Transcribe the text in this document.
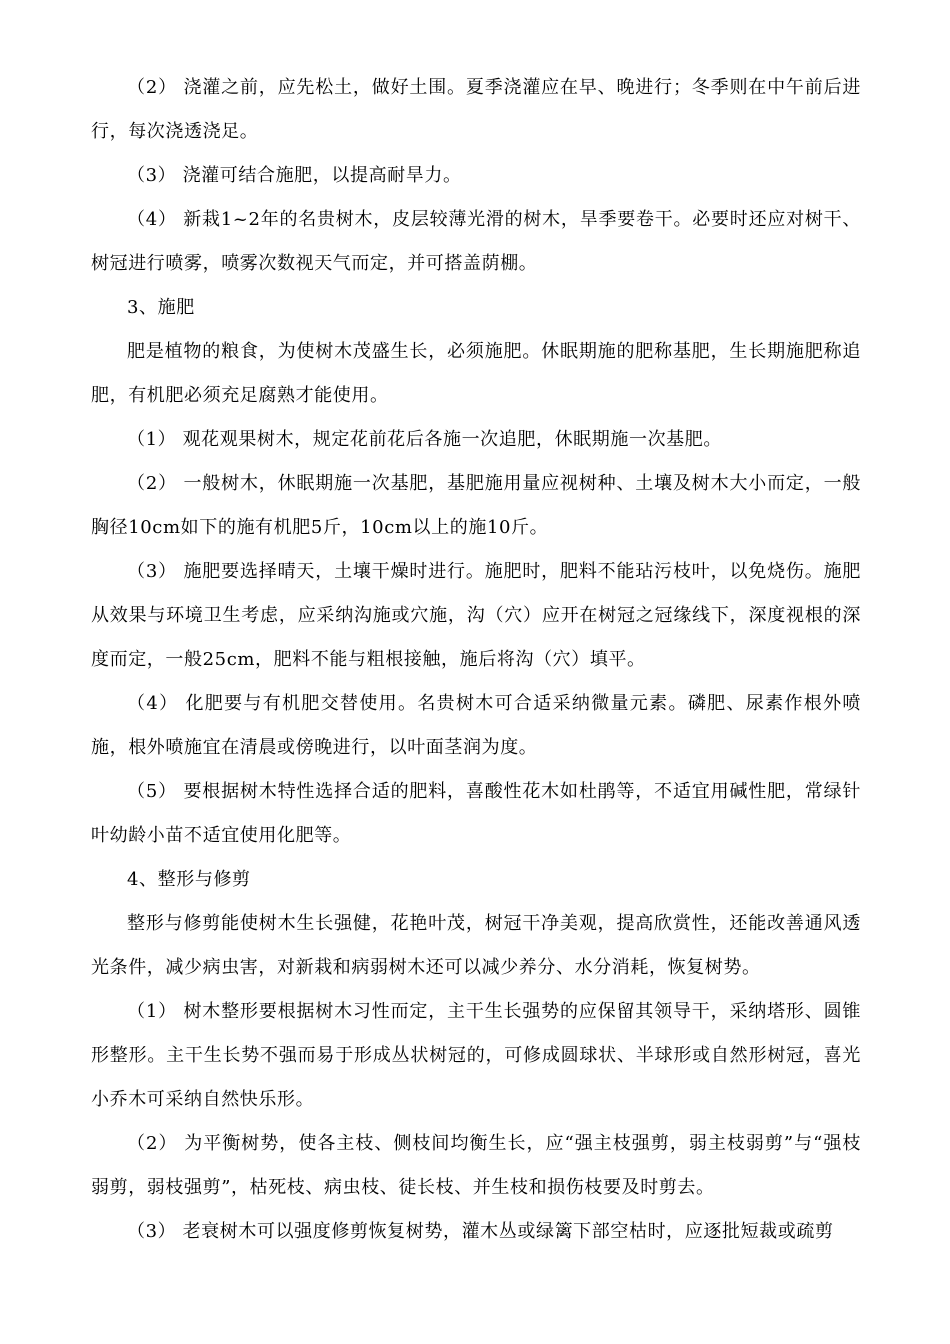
（2） 浇灌之前，应先松土，做好土围。夏季浇灌应在早、晚进行；冬季则在中午前后进行，每次浇透浇足。
（3） 浇灌可结合施肥，以提高耐旱力。
（4） 新栽1~2年的名贵树木，皮层较薄光滑的树木，旱季要卷干。必要时还应对树干、树冠进行喷雾，喷雾次数视天气而定，并可搭盖荫棚。
3、施肥
肥是植物的粮食，为使树木茂盛生长，必须施肥。休眠期施的肥称基肥，生长期施肥称追肥，有机肥必须充足腐熟才能使用。
（1） 观花观果树木，规定花前花后各施一次追肥，休眠期施一次基肥。
（2） 一般树木，休眠期施一次基肥，基肥施用量应视树种、土壤及树木大小而定，一般胸径10cm如下的施有机肥5斤，10cm以上的施10斤。
（3） 施肥要选择晴天，土壤干燥时进行。施肥时，肥料不能玷污枝叶，以免烧伤。施肥从效果与环境卫生考虑，应采纳沟施或穴施，沟（穴）应开在树冠之冠缘线下，深度视根的深度而定，一般25cm，肥料不能与粗根接触，施后将沟（穴）填平。
（4） 化肥要与有机肥交替使用。名贵树木可合适采纳微量元素。磷肥、尿素作根外喷施，根外喷施宜在清晨或傍晚进行，以叶面茎润为度。
（5） 要根据树木特性选择合适的肥料，喜酸性花木如杜鹃等，不适宜用碱性肥，常绿针叶幼龄小苗不适宜使用化肥等。
4、整形与修剪
整形与修剪能使树木生长强健，花艳叶茂，树冠干净美观，提高欣赏性，还能改善通风透光条件，减少病虫害，对新栽和病弱树木还可以减少养分、水分消耗，恢复树势。
（1） 树木整形要根据树木习性而定，主干生长强势的应保留其领导干，采纳塔形、圆锥形整形。主干生长势不强而易于形成丛状树冠的，可修成圆球状、半球形或自然形树冠，喜光小乔木可采纳自然快乐形。
（2） 为平衡树势，使各主枝、侧枝间均衡生长，应“强主枝强剪，弱主枝弱剪”与“强枝弱剪，弱枝强剪”，枯死枝、病虫枝、徒长枝、并生枝和损伤枝要及时剪去。
（3） 老衰树木可以强度修剪恢复树势，灌木丛或绿篱下部空枯时，应逐批短裁或疏剪
